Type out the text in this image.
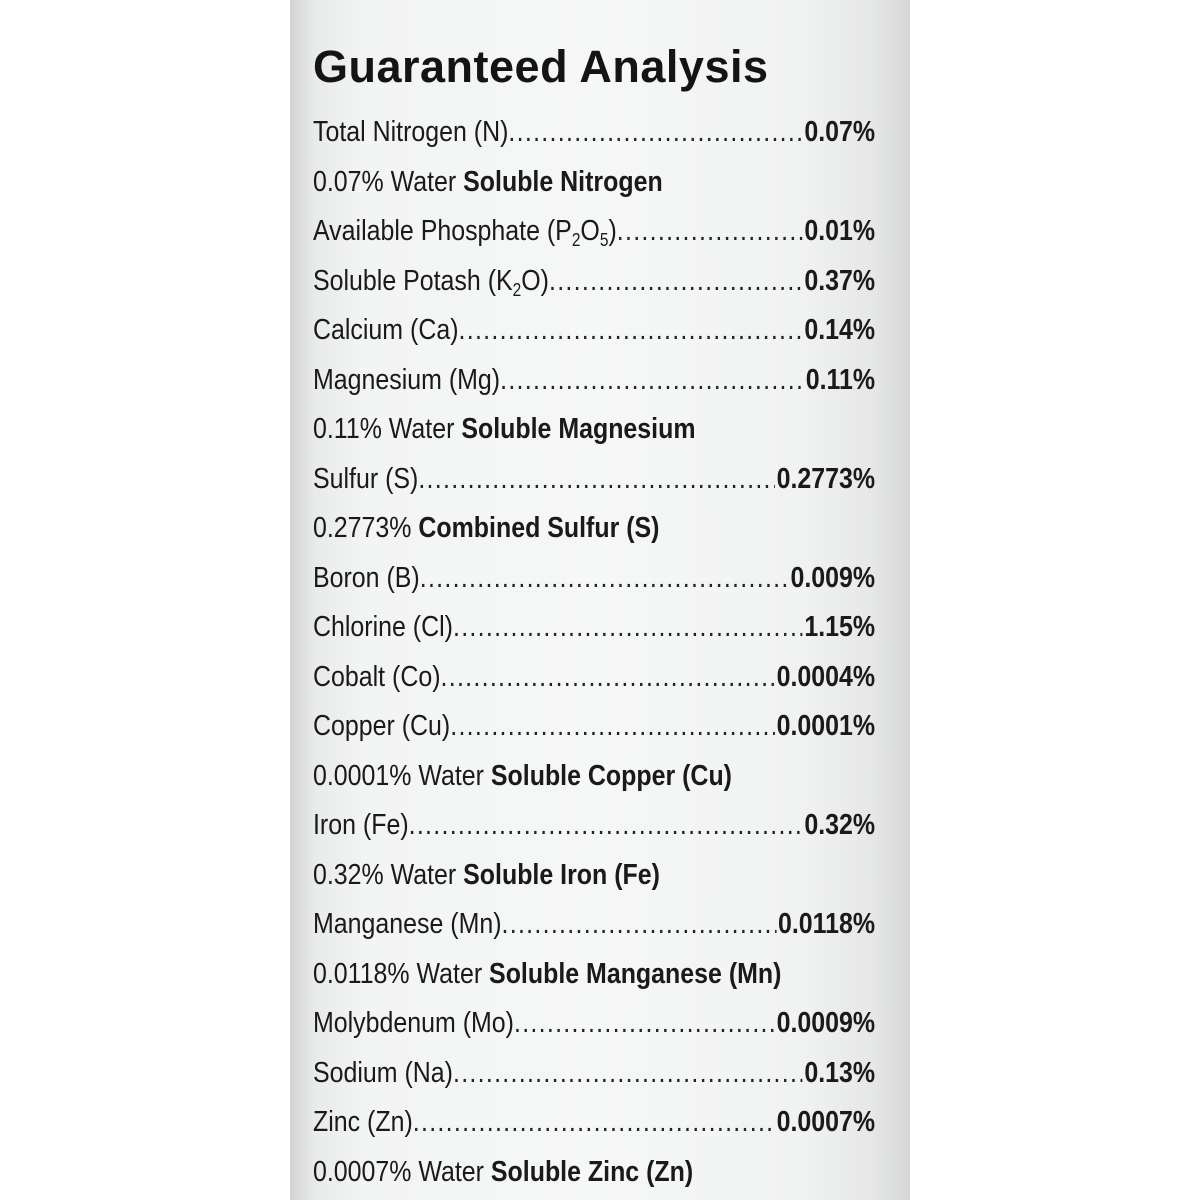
Guaranteed Analysis
Total Nitrogen (N) .....	0.07%
0.07% Water Soluble Nitrogen
Available Phosphate $(P_2O_5)$ .....	0.01%
Soluble Potash $(K_2O)$ .....	0.37%
Calcium (Ca) .....	0.14%
Magnesium (Mg) .....	0.11%
0.11% Water Soluble Magnesium
Sulfur (S) .....	0.2773%
0.2773% Combined Sulfur (S)
Boron (B) .....	0.009%
Chlorine (Cl) .....	1.15%
Cobalt (Co) .....	0.0004%
Copper (Cu) .....	0.0001%
0.0001% Water Soluble Copper (Cu)
Iron (Fe) .....	0.32%
0.32% Water Soluble Iron (Fe)
Manganese (Mn) .....	0.0118%
0.0118% Water Soluble Manganese (Mn)
Molybdenum (Mo) .....	0.0009%
Sodium (Na) .....	0.13%
Zinc (Zn) .....	0.0007%
0.0007% Water Soluble Zinc (Zn)
